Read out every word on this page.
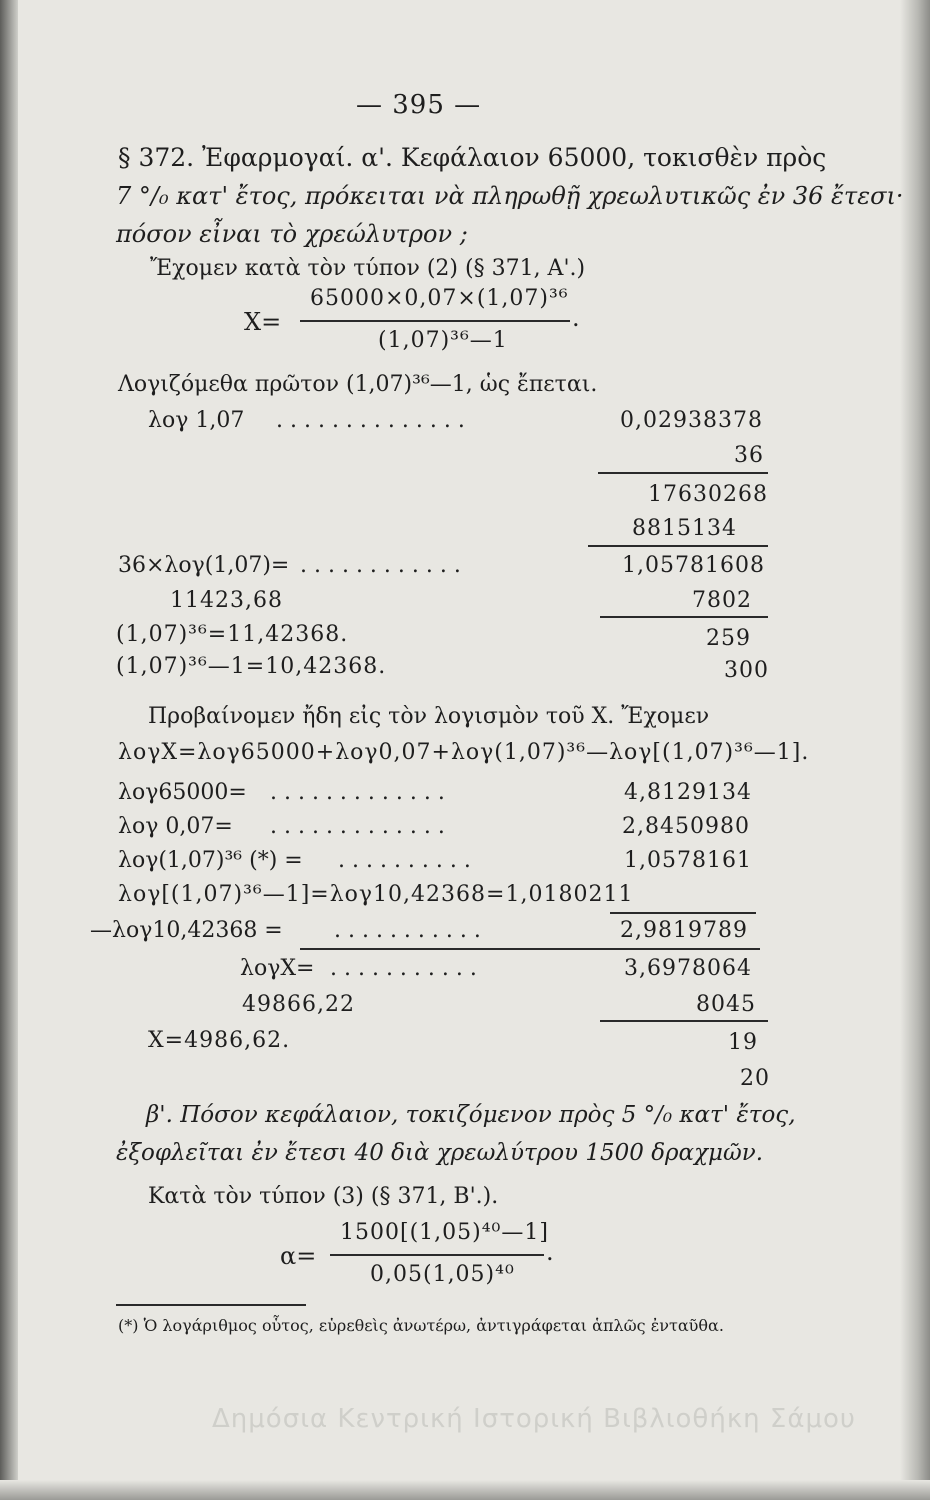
— 395 —
§ 372. Ἐφαρμογαί. α'. Κεφάλαιον 65000, τοκισθὲν πρὸς
7 °/₀ κατ' ἔτος, πρόκειται νὰ πληρωθῇ χρεωλυτικῶς ἐν 36 ἔτεσι·
πόσον εἶναι τὸ χρεώλυτρον ;
Ἔχομεν κατὰ τὸν τύπον (2) (§ 371, A'.)
65000×0,07×(1,07)³⁶
X=
(1,07)³⁶—1
.
Λογιζόμεθα πρῶτον (1,07)³⁶—1, ὡς ἔπεται.
λογ 1,07 . . . . . . . . . . . . . .	0,02938378
36
17630268
8815134
36×λογ(1,07)= . . . . . . . . . . . .	1,05781608
11423,68	7802
(1,07)³⁶=11,42368.	259
(1,07)³⁶—1=10,42368.	300
Προβαίνομεν ἤδη εἰς τὸν λογισμὸν τοῦ X. Ἔχομεν
λογX=λογ65000+λογ0,07+λογ(1,07)³⁶—λογ[(1,07)³⁶—1].
λογ65000= . . . . . . . . . . . . .	4,8129134
λογ 0,07= . . . . . . . . . . . . .	2,8450980
λογ(1,07)³⁶ (*) = . . . . . . . . . .	1,0578161
λογ[(1,07)³⁶—1]=λογ10,42368=1,0180211
—λογ10,42368 = . . . . . . . . . . .	2,9819789
λογX= . . . . . . . . . . .	3,6978064
49866,22	8045
X=4986,62.	19
20
β'. Πόσον κεφάλαιον, τοκιζόμενον πρὸς 5 °/₀ κατ' ἔτος,
ἐξοφλεῖται ἐν ἔτεσι 40 διὰ χρεωλύτρου 1500 δραχμῶν.
Κατὰ τὸν τύπον (3) (§ 371, B'.).
1500[(1,05)⁴⁰—1]
α=
0,05(1,05)⁴⁰
.
(*) Ὁ λογάριθμος οὗτος, εὑρεθεὶς ἀνωτέρω, ἀντιγράφεται ἁπλῶς ἐνταῦθα.
Δημόσια Κεντρική Ιστορική Βιβλιοθήκη Σάμου
